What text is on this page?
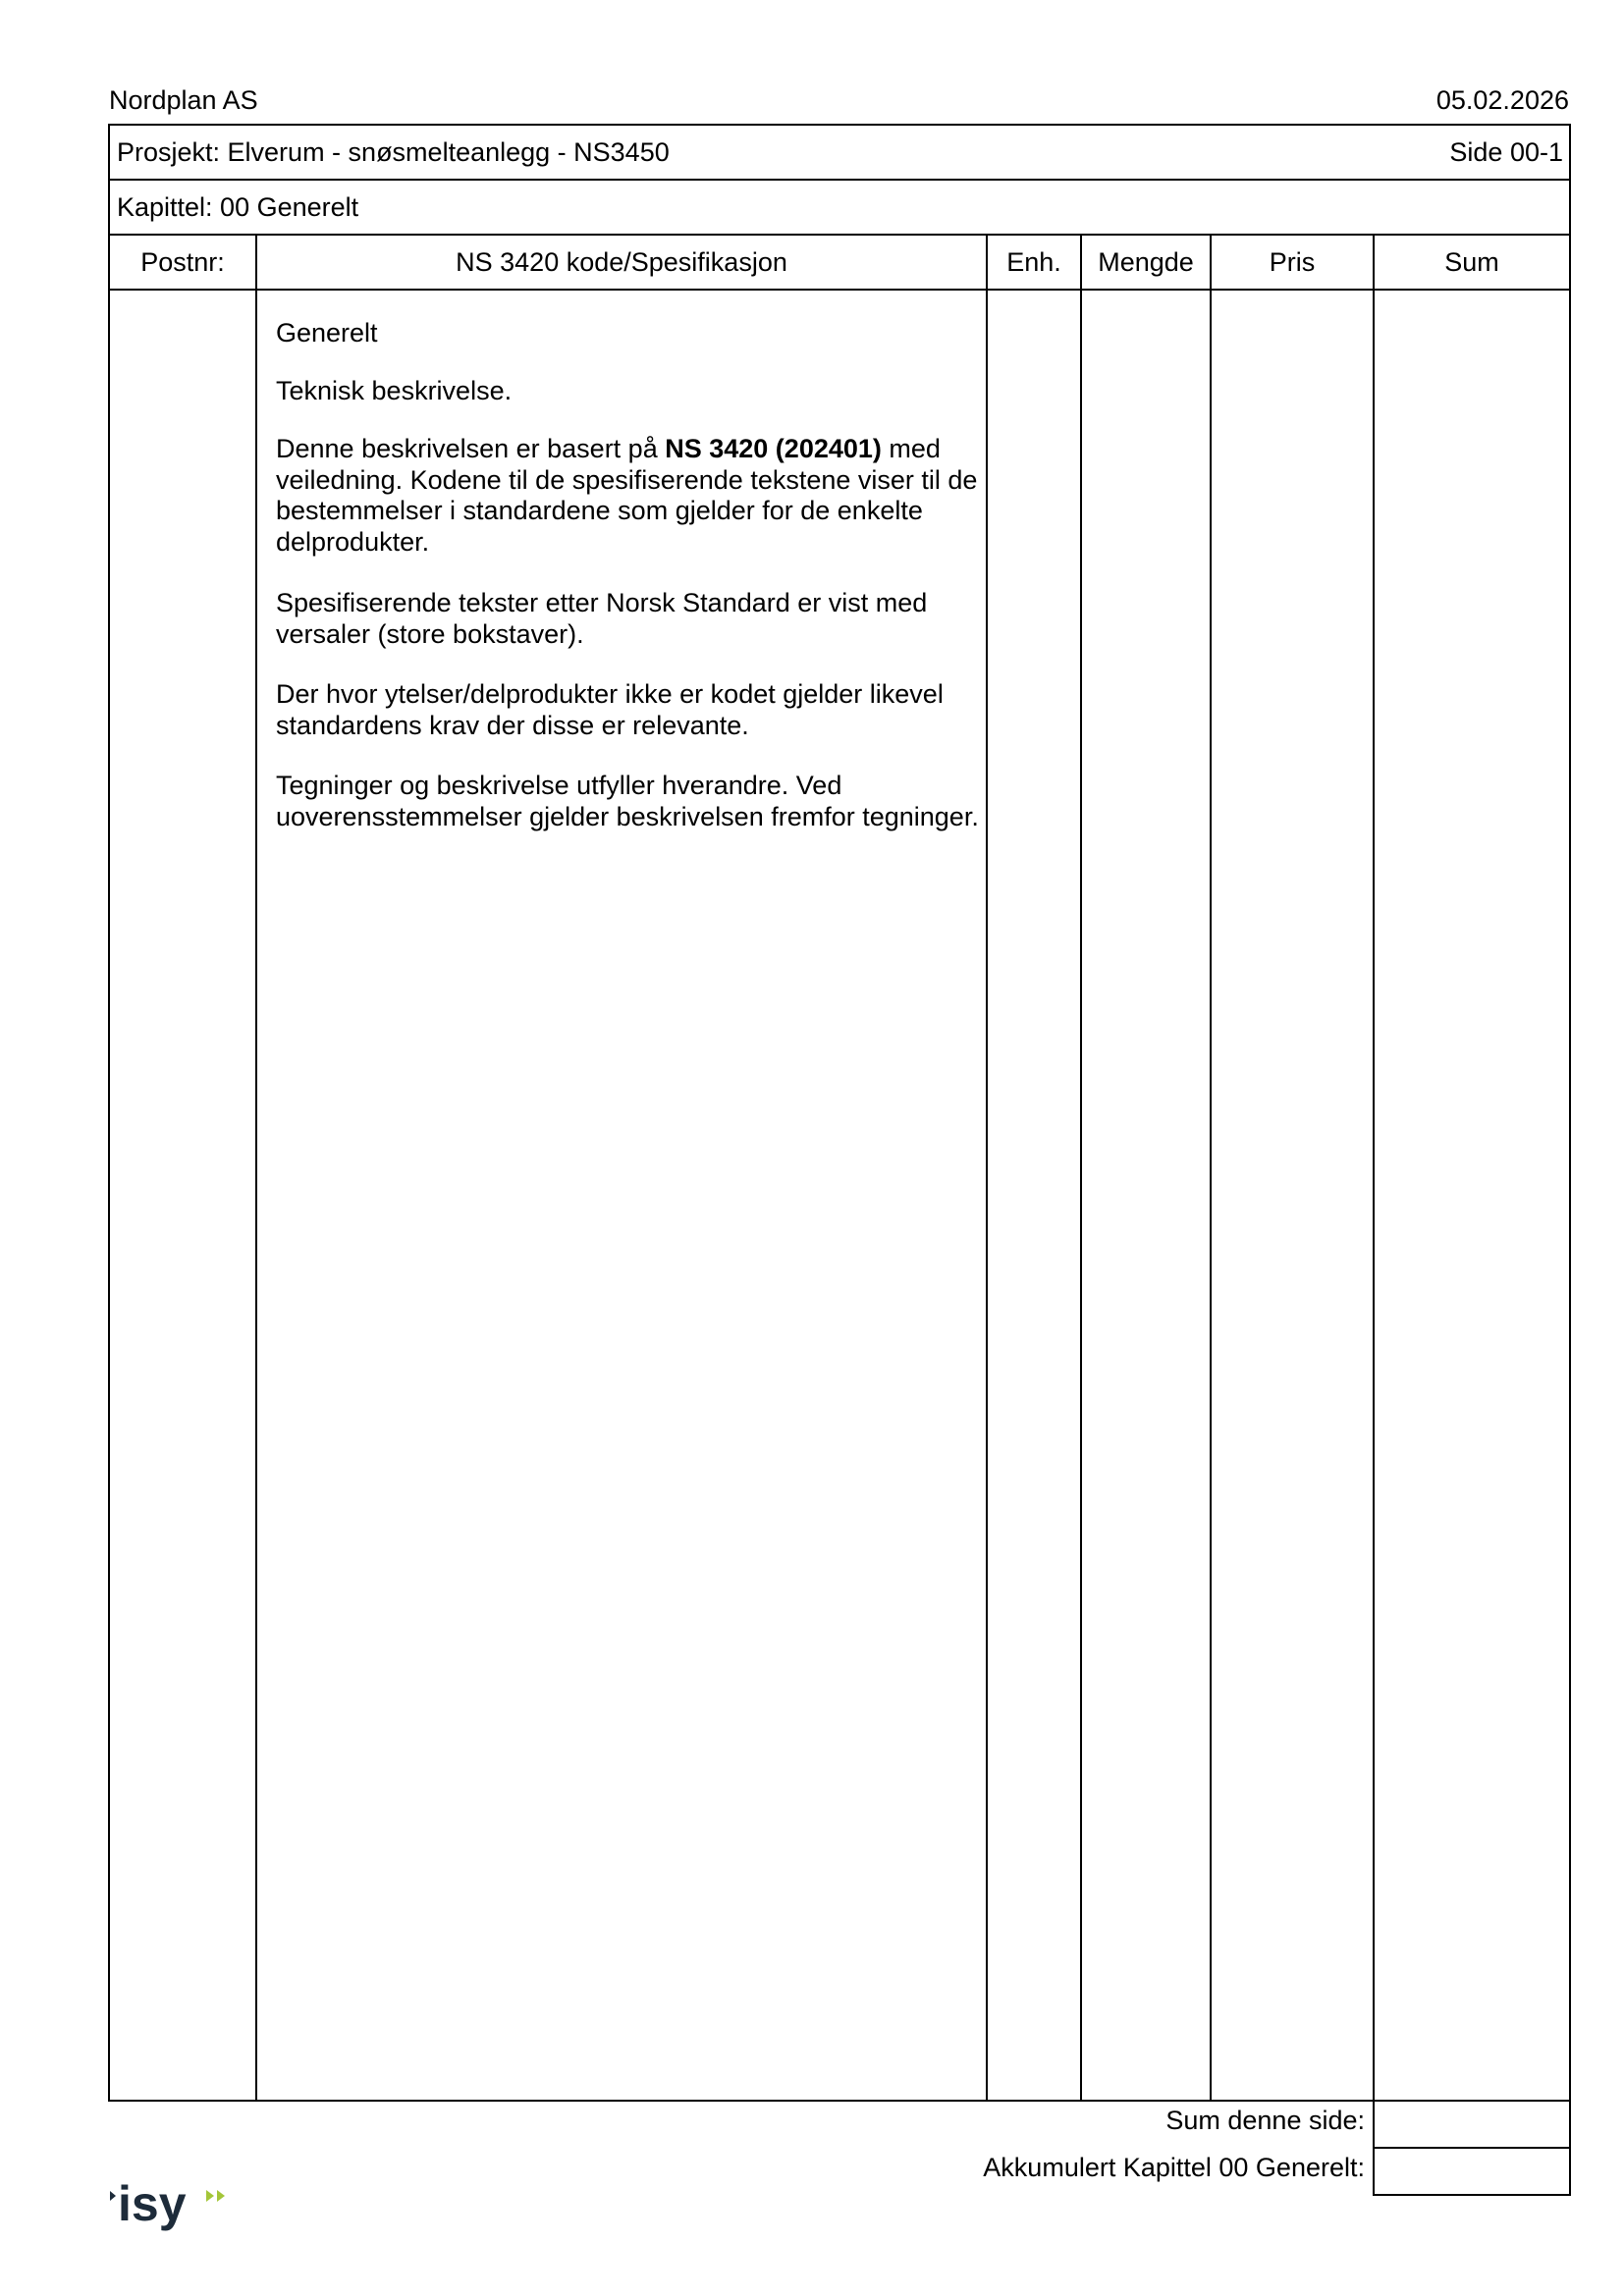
Nordplan AS	05.02.2026
Prosjekt: Elverum - snøsmelteanlegg - NS3450	Side 00-1
Kapittel: 00 Generelt
Postnr:	NS 3420 kode/Spesifikasjon	Enh.	Mengde	Pris	Sum
Generelt
Teknisk beskrivelse.
Denne beskrivelsen er basert på NS 3420 (202401) med veiledning. Kodene til de spesifiserende tekstene viser til de bestemmelser i standardene som gjelder for de enkelte delprodukter.
Spesifiserende tekster etter Norsk Standard er vist med versaler (store bokstaver).
Der hvor ytelser/delprodukter ikke er kodet gjelder likevel standardens krav der disse er relevante.
Tegninger og beskrivelse utfyller hverandre. Ved uoverensstemmelser gjelder beskrivelsen fremfor tegninger.
Sum denne side:
Akkumulert Kapittel 00 Generelt:
isy
